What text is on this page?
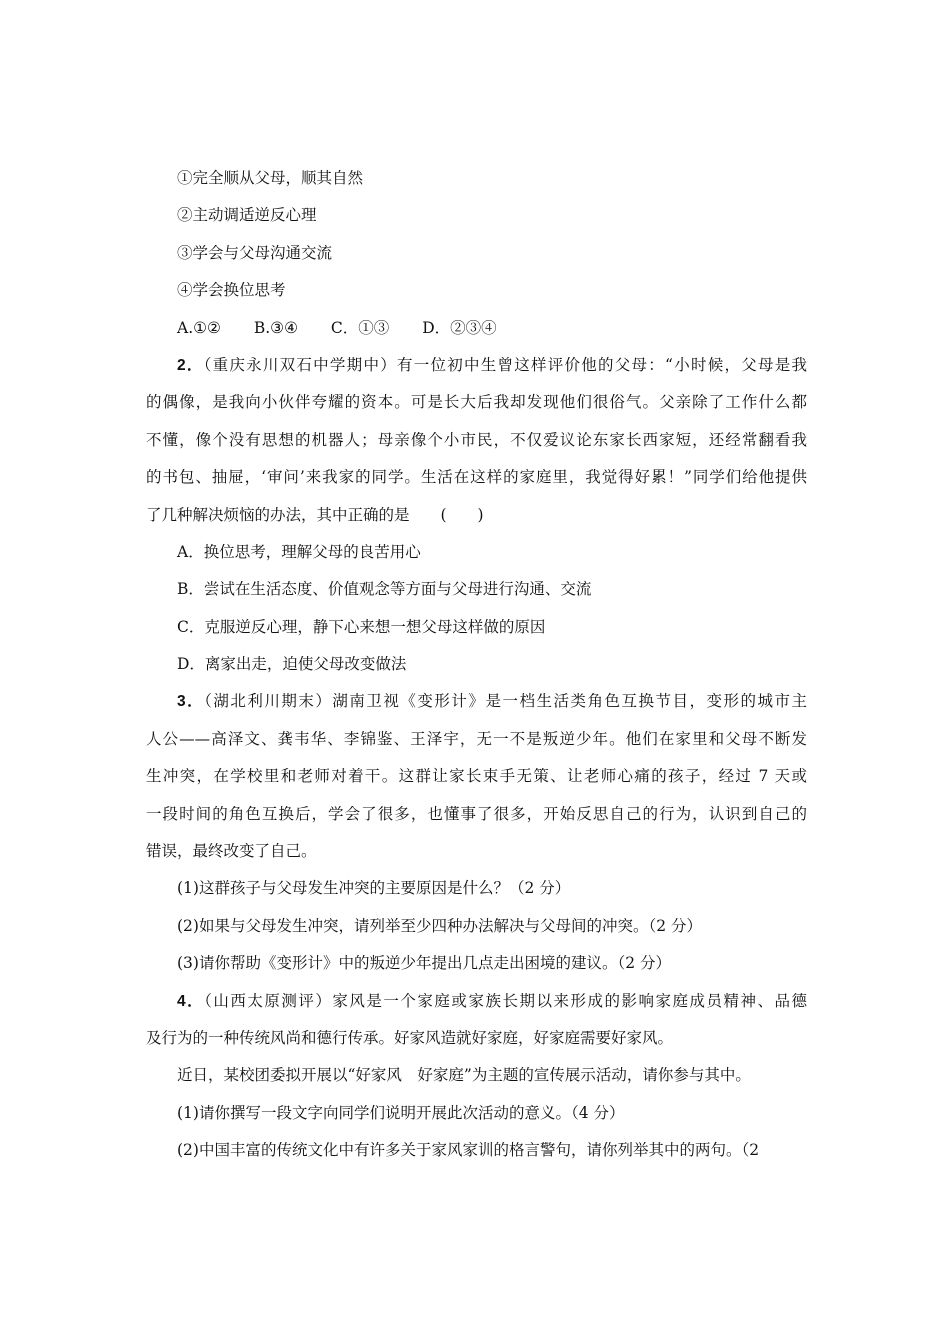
①完全顺从父母，顺其自然
②主动调适逆反心理
③学会与父母沟通交流
④学会换位思考
A.①② B.③④ C．①③ D．②③④
2．（重庆永川双石中学期中）有一位初中生曾这样评价他的父母：“小时候，父母是我
的偶像，是我向小伙伴夸耀的资本。可是长大后我却发现他们很俗气。父亲除了工作什么都
不懂，像个没有思想的机器人；母亲像个小市民，不仅爱议论东家长西家短，还经常翻看我
的书包、抽屉，‘审问’来我家的同学。生活在这样的家庭里，我觉得好累！”同学们给他提供
了几种解决烦恼的办法，其中正确的是　　(　　)
A．换位思考，理解父母的良苦用心
B．尝试在生活态度、价值观念等方面与父母进行沟通、交流
C．克服逆反心理，静下心来想一想父母这样做的原因
D．离家出走，迫使父母改变做法
3．（湖北利川期末）湖南卫视《变形计》是一档生活类角色互换节目，变形的城市主
人公——高泽文、龚韦华、李锦鉴、王泽宇，无一不是叛逆少年。他们在家里和父母不断发
生冲突，在学校里和老师对着干。这群让家长束手无策、让老师心痛的孩子，经过 7 天或
一段时间的角色互换后，学会了很多，也懂事了很多，开始反思自己的行为，认识到自己的
错误，最终改变了自己。
(1)这群孩子与父母发生冲突的主要原因是什么？（2 分）
(2)如果与父母发生冲突，请列举至少四种办法解决与父母间的冲突。（2 分）
(3)请你帮助《变形计》中的叛逆少年提出几点走出困境的建议。（2 分）
4．（山西太原测评）家风是一个家庭或家族长期以来形成的影响家庭成员精神、品德
及行为的一种传统风尚和德行传承。好家风造就好家庭，好家庭需要好家风。
近日，某校团委拟开展以“好家风　好家庭”为主题的宣传展示活动，请你参与其中。
(1)请你撰写一段文字向同学们说明开展此次活动的意义。（4 分）
(2)中国丰富的传统文化中有许多关于家风家训的格言警句，请你列举其中的两句。（2
